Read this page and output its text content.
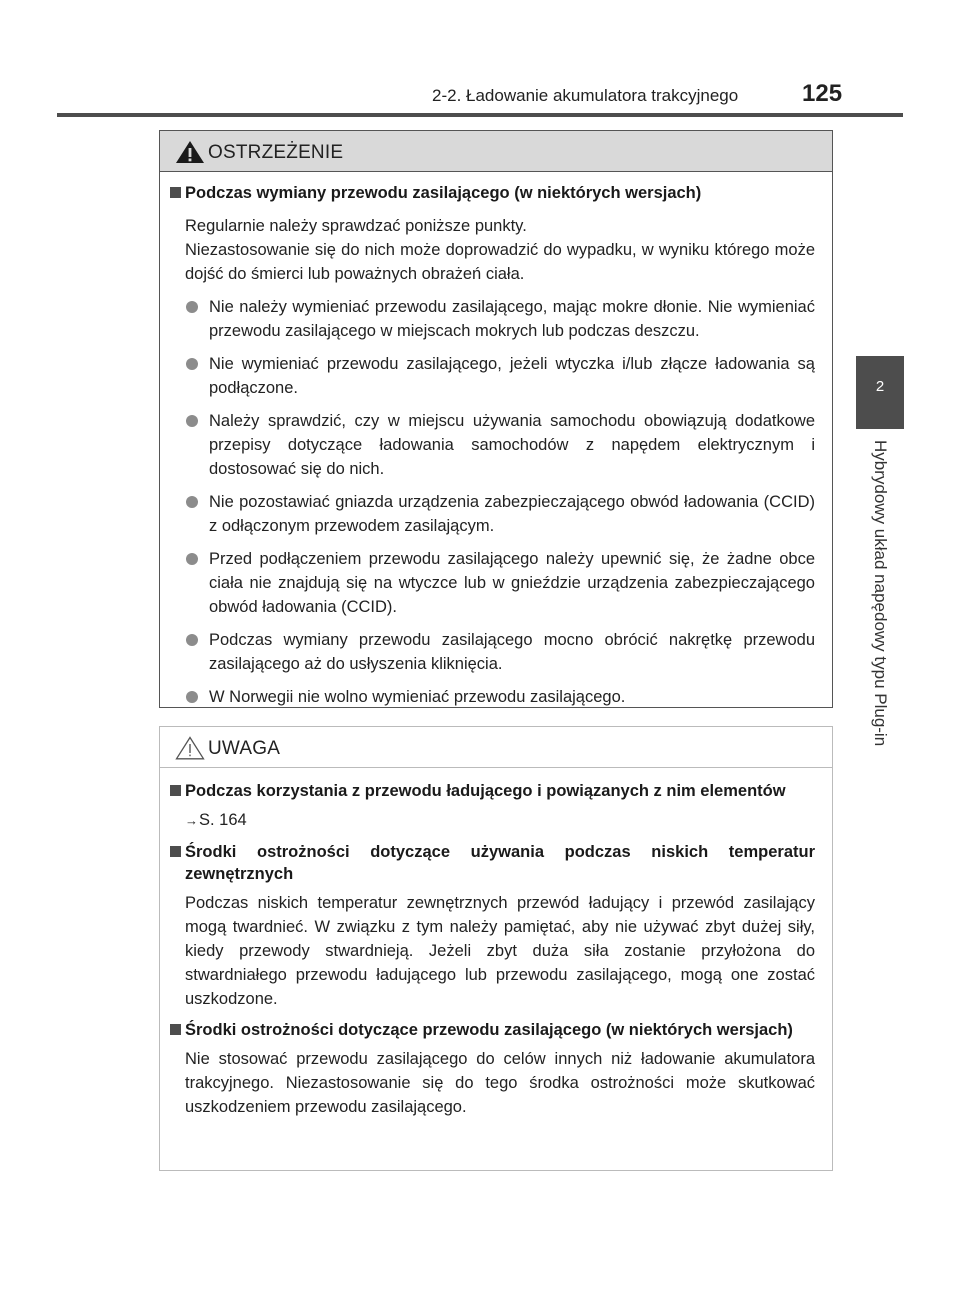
2-2. Ładowanie akumulatora trakcyjnego	125
2
Hybrydowy układ napędowy typu Plug-in
OSTRZEŻENIE
Podczas wymiany przewodu zasilającego (w niektórych wersjach)
Regularnie należy sprawdzać poniższe punkty.
Niezastosowanie się do nich może doprowadzić do wypadku, w wyniku którego może dojść do śmierci lub poważnych obrażeń ciała.
Nie należy wymieniać przewodu zasilającego, mając mokre dłonie. Nie wymieniać przewodu zasilającego w miejscach mokrych lub podczas deszczu.
Nie wymieniać przewodu zasilającego, jeżeli wtyczka i/lub złącze ładowania są podłączone.
Należy sprawdzić, czy w miejscu używania samochodu obowiązują dodatkowe przepisy dotyczące ładowania samochodów z napędem elektrycznym i dostosować się do nich.
Nie pozostawiać gniazda urządzenia zabezpieczającego obwód ładowania (CCID) z odłączonym przewodem zasilającym.
Przed podłączeniem przewodu zasilającego należy upewnić się, że żadne obce ciała nie znajdują się na wtyczce lub w gnieździe urządzenia zabezpieczającego obwód ładowania (CCID).
Podczas wymiany przewodu zasilającego mocno obrócić nakrętkę przewodu zasilającego aż do usłyszenia kliknięcia.
W Norwegii nie wolno wymieniać przewodu zasilającego.
UWAGA
Podczas korzystania z przewodu ładującego i powiązanych z nim elementów
→S. 164
Środki ostrożności dotyczące używania podczas niskich temperatur zewnętrznych
Podczas niskich temperatur zewnętrznych przewód ładujący i przewód zasilający mogą twardnieć. W związku z tym należy pamiętać, aby nie używać zbyt dużej siły, kiedy przewody stwardnieją. Jeżeli zbyt duża siła zostanie przyłożona do stwardniałego przewodu ładującego lub przewodu zasilającego, mogą one zostać uszkodzone.
Środki ostrożności dotyczące przewodu zasilającego (w niektórych wersjach)
Nie stosować przewodu zasilającego do celów innych niż ładowanie akumulatora trakcyjnego. Niezastosowanie się do tego środka ostrożności może skutkować uszkodzeniem przewodu zasilającego.
